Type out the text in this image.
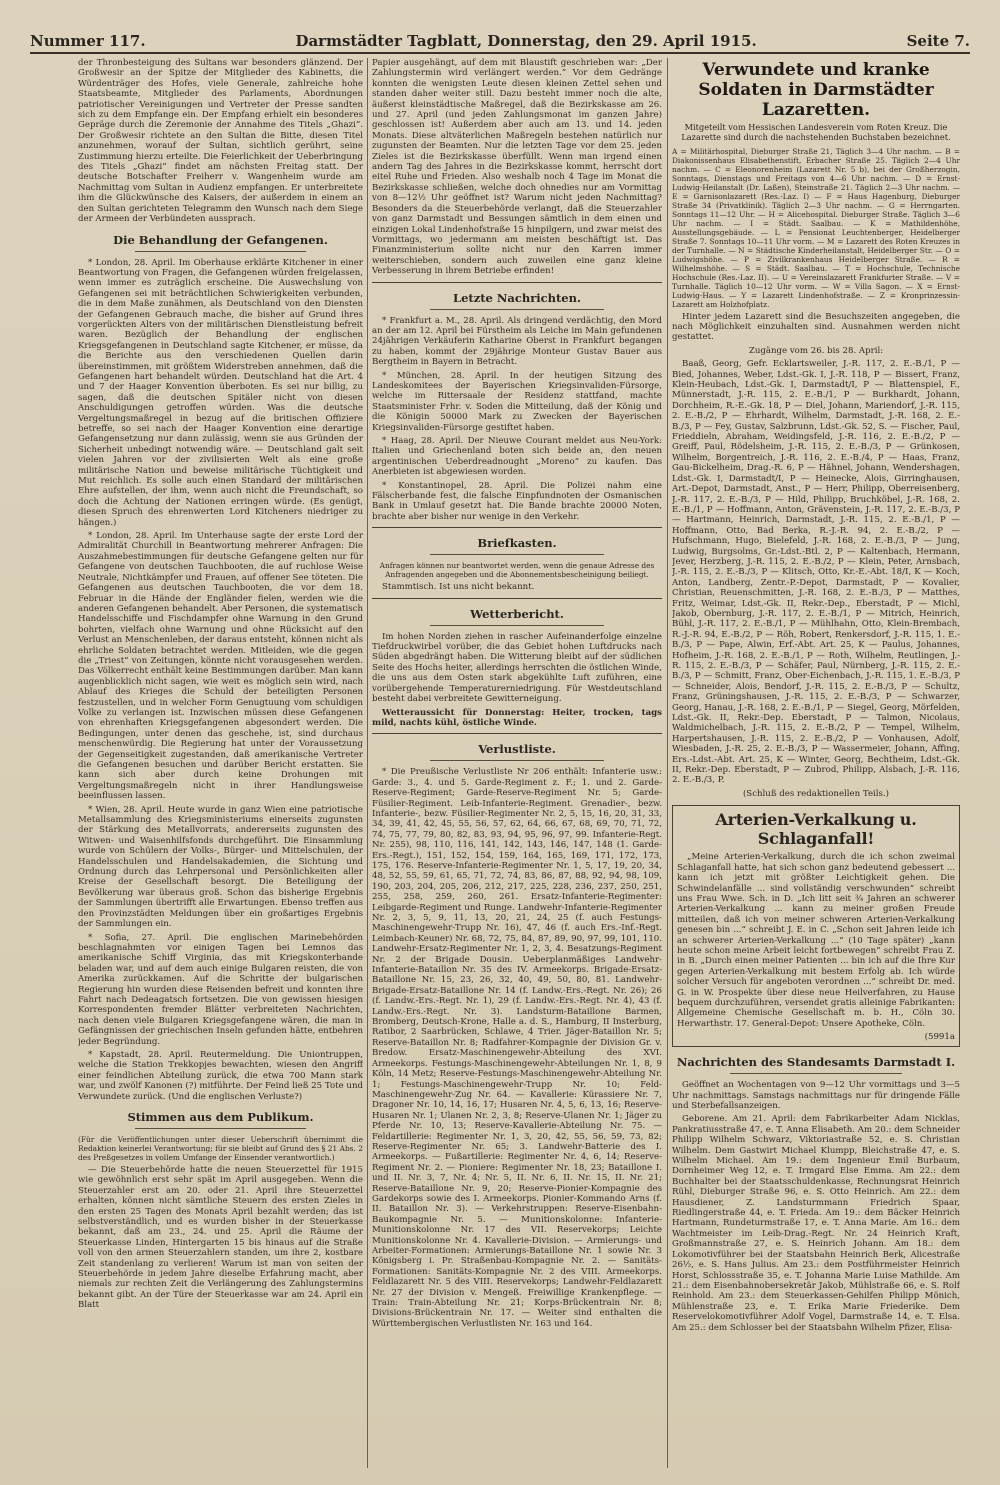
Nummer 117.	Darmstädter Tagblatt, Donnerstag, den 29. April 1915.	Seite 7.

der Thronbesteigung des Sultans war besonders glänzend. Der Großwesir an der Spitze der Mitglieder des Kabinetts, die Würdenträger des Hofes, viele Generale, zahlreiche hohe Staatsbeamte, Mitglieder des Parlaments, Abordnungen patriotischer Vereinigungen und Vertreter der Presse sandten sich zu dem Empfange ein. Der Empfang erhielt ein besonderes Gepräge durch die Zeremonie der Annahme des Titels „Ghazi“. Der Großwesir richtete an den Sultan die Bitte, diesen Titel anzunehmen, worauf der Sultan, sichtlich gerührt, seine Zustimmung hierzu erteilte. Die Feierlichkeit der Ueberbringung des Titels „Ghazi“ findet am nächsten Freitag statt. Der deutsche Botschafter Freiherr v. Wangenheim wurde am Nachmittag vom Sultan in Audienz empfangen. Er unterbreitete ihm die Glückwünsche des Kaisers, der außerdem in einem an den Sultan gerichteten Telegramm den Wunsch nach dem Siege der Armeen der Verbündeten aussprach.

Die Behandlung der Gefangenen.

* London, 28. April. Im Oberhause erklärte Kitchener in einer Beantwortung von Fragen, die Gefangenen würden freigelassen, wenn immer es zuträglich erscheine. Die Auswechslung von Gefangenen sei mit beträchtlichen Schwierigkeiten verbunden, die in dem Maße zunähmen, als Deutschland von den Diensten der Gefangenen Gebrauch mache, die bisher auf Grund ihres vorgerückten Alters von der militärischen Dienstleistung befreit waren. Bezüglich der Behandlung der englischen Kriegsgefangenen in Deutschland sagte Kitchener, er müsse, da die Berichte aus den verschiedenen Quellen darin übereinstimmen, mit größtem Widerstreben annehmen, daß die Gefangenen hart behandelt würden. Deutschland hat die Art. 4 und 7 der Haager Konvention überboten. Es sei nur billig, zu sagen, daß die deutschen Spitäler nicht von diesen Anschuldigungen getroffen würden. Was die deutsche Vergeltungsmaßregel in bezug auf die britischen Offiziere betreffe, so sei nach der Haager Konvention eine derartige Gefangensetzung nur dann zulässig, wenn sie aus Gründen der Sicherheit unbedingt notwendig wäre. — Deutschland galt seit vielen Jahren vor der zivilisierten Welt als eine große militärische Nation und beweise militärische Tüchtigkeit und Mut reichlich. Es solle auch einen Standard der militärischen Ehre aufstellen, der ihm, wenn auch nicht die Freundschaft, so doch die Achtung der Nationen erringen würde. (Es genügt, diesen Spruch des ehrenwerten Lord Kitcheners niedriger zu hängen.)

* London, 28. April. Im Unterhause sagte der erste Lord der Admiralität Churchill in Beantwortung mehrerer Anfragen: Die Auszahmebestimmungen für deutsche Gefangene gelten nur für Gefangene von deutschen Tauchbooten, die auf ruchlose Weise Neutrale, Nichtkämpfer und Frauen, auf offener See töteten. Die Gefangenen aus deutschen Tauchbooten, die vor dem 18. Februar in die Hände der Engländer fielen, werden wie die anderen Gefangenen behandelt. Aber Personen, die systematisch Handelsschiffe und Fischdampfer ohne Warnung in den Grund bohrten, vielfach ohne Warnung und ohne Rücksicht auf den Verlust an Menschenleben, der daraus entsteht, können nicht als ehrliche Soldaten betrachtet werden. Mitleiden, wie die gegen die „Triest“ von Zeitungen, könnte nicht vorausgesehen werden. Das Völkerrecht enthält keine Bestimmungen darüber. Man kann augenblicklich nicht sagen, wie weit es möglich sein wird, nach Ablauf des Krieges die Schuld der beteiligten Personen festzustellen, und in welcher Form Genugtuung vom schuldigen Volke zu verlangen ist. Inzwischen müssen diese Gefangenen von ehrenhaften Kriegsgefangenen abgesondert werden. Die Bedingungen, unter denen das geschehe, ist, sind durchaus menschenwürdig. Die Regierung hat unter der Voraussetzung der Gegenseitigkeit zugestanden, daß amerikanische Vertreter die Gefangenen besuchen und darüber Bericht erstatten. Sie kann sich aber durch keine Drohungen mit Vergeltungsmaßregeln nicht in ihrer Handlungsweise beeinflussen lassen.

* Wien, 28. April. Heute wurde in ganz Wien eine patriotische Metallsammlung des Kriegsministeriums einerseits zugunsten der Stärkung des Metallvorrats, andererseits zugunsten des Witwen- und Waisenhilfsfonds durchgeführt. Die Einsammlung wurde von Schülern der Volks-, Bürger- und Mittelschulen, der Handelsschulen und Handelsakademien, die Sichtung und Ordnung durch das Lehrpersonal und Persönlichkeiten aller Kreise der Gesellschaft besorgt. Die Beteiligung der Bevölkerung war überaus groß. Schon das bisherige Ergebnis der Sammlungen übertrifft alle Erwartungen. Ebenso treffen aus den Provinzstädten Meldungen über ein großartiges Ergebnis der Sammlungen ein.

* Sofia, 27. April. Die englischen Marinebehörden beschlagnahmten vor einigen Tagen bei Lemnos das amerikanische Schiff Virginia, das mit Kriegskonterbande beladen war, und auf dem auch einige Bulgaren reisten, die von Amerika zurückkamen. Auf die Schritte der bulgarischen Regierung hin wurden diese Reisenden befreit und konnten ihre Fahrt nach Dedeagatsch fortsetzen. Die von gewissen hiesigen Korrespondenten fremder Blätter verbreiteten Nachrichten, nach denen viele Bulgaren Kriegsgefangene wären, die man in Gefängnissen der griechischen Inseln gefunden hätte, entbehren jeder Begründung.

* Kapstadt, 28. April. Reutermeldung. Die Uniontruppen, welche die Station Trekkopjes bewachten, wiesen den Angriff einer feindlichen Abteilung zurück, die etwa 700 Mann stark war, und zwölf Kanonen (?) mitführte. Der Feind ließ 25 Tote und Verwundete zurück. (Und die englischen Verluste?)

Stimmen aus dem Publikum.

(Für die Veröffentlichungen unter dieser Ueberschrift übernimmt die Redaktion keinerlei Verantwortung; für sie bleibt auf Grund des § 21 Abs. 2 des Preßgesetzes in vollem Umfange der Einsender verantwortlich.)

— Die Steuerbehörde hatte die neuen Steuerzettel für 1915 wie gewöhnlich erst sehr spät im April ausgegeben. Wenn die Steuerzahler erst am 20. oder 21. April ihre Steuerzettel erhalten, können nicht sämtliche Steuern des ersten Zieles in den ersten 25 Tagen des Monats April bezahlt werden; das ist selbstverständlich, und es wurden bisher in der Steuerkasse bekannt, daß am 23., 24. und 25. April die Räume der Steuerkasse Linden, Hintergarten 15 bis hinaus auf die Straße voll von den armen Steuerzahlern standen, um ihre 2, kostbare Zeit standenlang zu verlieren! Warum ist man von seiten der Steuerbehörde in jedem Jahre dieselbe Erfahrung macht, aber niemals zur rechten Zeit die Verlängerung des Zahlungstermins bekannt gibt. An der Türe der Steuerkasse war am 24. April ein Blatt

Papier ausgehängt, auf dem mit Blaustift geschrieben war: „Der Zahlungstermin wird verlängert werden.“ Vor dem Gedränge konnten die wenigsten Leute diesen kleinen Zettel sehen und standen daher weiter still. Dazu besteht immer noch die alte, äußerst kleinstädtische Maßregel, daß die Bezirkskasse am 26. und 27. April (und jeden Zahlungsmonat im ganzen Jahre) geschlossen ist! Außerdem aber auch am 13. und 14. jeden Monats. Diese altväterlichen Maßregeln bestehen natürlich nur zugunsten der Beamten. Nur die letzten Tage vor dem 25. jeden Zieles ist die Bezirkskasse überfüllt. Wenn man irgend einen andern Tag des Jahres in die Bezirkskasse kommt, herrscht dort eitel Ruhe und Frieden. Also weshalb noch 4 Tage im Monat die Bezirkskasse schließen, welche doch ohnedies nur am Vormittag von 8—12½ Uhr geöffnet ist? Warum nicht jeden Nachmittag? Besonders da die Steuerbehörde verlangt, daß die Steuerzahler von ganz Darmstadt und Bessungen sämtlich in dem einen und einzigen Lokal Lindenhofstraße 15 hinpilgern, und zwar meist des Vormittags, wo jedermann am meisten beschäftigt ist. Das Finanzministerium sollte nicht nur den Karren immer weiterschieben, sondern auch zuweilen eine ganz kleine Verbesserung in ihrem Betriebe erfinden!

Letzte Nachrichten.

* Frankfurt a. M., 28. April. Als dringend verdächtig, den Mord an der am 12. April bei Fürstheim als Leiche im Main gefundenen 24jährigen Verkäuferin Katharine Oberst in Frankfurt begangen zu haben, kommt der 29jährige Monteur Gustav Bauer aus Bergtheim in Bayern in Betracht.

* München, 28. April. In der heutigen Sitzung des Landeskomitees der Bayerischen Kriegsinvaliden-Fürsorge, welche im Rittersaale der Residenz stattfand, machte Staatsminister Frhr. v. Soden die Mitteilung, daß der König und die Königin 50000 Mark zu Zwecken der Bayerischen Kriegsinvaliden-Fürsorge gestiftet haben.

* Haag, 28. April. Der Nieuwe Courant meldet aus Neu-York: Italien und Griechenland boten sich beide an, den neuen argentinischen Ueberdreadnought „Moreno“ zu kaufen. Das Anerbieten ist abgewiesen worden.

* Konstantinopel, 28. April. Die Polizei nahm eine Fälscherbande fest, die falsche Einpfundnoten der Osmanischen Bank in Umlauf gesetzt hat. Die Bande brachte 20000 Noten, brachte aber bisher nur wenige in den Verkehr.

Briefkasten.

Anfragen können nur beantwortet werden, wenn die genaue Adresse des Anfragenden angegeben und die Abonnementsbescheinigung beiliegt.

Stammtisch. Ist uns nicht bekannt.

Wetterbericht.

Im hohen Norden ziehen in rascher Aufeinanderfolge einzelne Tiefdruckwirbel vorüber, die das Gebiet hohen Luftdrucks nach Süden abgedrängt haben. Die Witterung bleibt auf der südlichen Seite des Hochs heiter, allerdings herrschten die östlichen Winde, die uns aus dem Osten stark abgekühlte Luft zuführen, eine vorübergehende Temperaturerniedrigung. Für Westdeutschland besteht dabei verbreitete Gewitterneigung.

Wetteraussicht für Donnerstag: Heiter, trocken, tags mild, nachts kühl, östliche Winde.

Verlustliste.

* Die Preußische Verlustliste Nr 206 enthält: Infanterie usw.: Garde: 3., 4. und 5. Garde-Regiment z. F.; 1. und 2. Garde-Reserve-Regiment; Garde-Reserve-Regiment Nr. 5; Garde-Füsilier-Regiment. Leib-Infanterie-Regiment. Grenadier-, bezw. Infanterie-, bezw. Füsilier-Regimenter Nr. 2, 5, 15, 16, 20, 31, 33, 34, 39, 41, 42, 45, 55, 56, 57, 62, 64, 66, 67, 68, 69, 70, 71, 72, 74, 75, 77, 79, 80, 82, 83, 93, 94, 95, 96, 97, 99. Infanterie-Regt. Nr. 255), 98, 110, 116, 141, 142, 143, 146, 147, 148 (1. Garde-Ers.-Regt.), 151, 152, 154, 159, 164, 165, 169, 171, 172, 173, 175, 176. Reserve-Infanterie-Regimenter Nr. 1, 5, 17, 19, 20, 34, 48, 52, 55, 59, 61, 65, 71, 72, 74, 83, 86, 87, 88, 92, 94, 98, 109, 190, 203, 204, 205, 206, 212, 217, 225, 228, 236, 237, 250, 251, 255, 258, 259, 260, 261. Ersatz-Infanterie-Regimenter: Leibgarde-Regiment und Runge. Landwehr-Infanterie-Regimenter Nr. 2, 3, 5, 9, 11, 13, 20, 21, 24, 25 (f. auch Festungs-Maschinengewehr-Trupp Nr. 16), 47, 46 (f. auch Ers.-Inf.-Regt. Leimbach-Keuner) Nr. 68, 72, 75, 84, 87, 89, 90, 97, 99, 101, 110. Landwehr-Ersatz-Regimenter Nr. 1, 2, 3, 4. Besatzungs-Regiment Nr. 2 der Brigade Dousin. Ueberplanmäßiges Landwehr-Infanterie-Bataillon Nr. 35 des IV. Armeekorps. Brigade-Ersatz-Bataillone Nr. 15, 23, 26, 32, 40, 49, 50, 80, 81. Landwehr-Brigade-Ersatz-Bataillone Nr. 14 (f. Landw.-Ers.-Regt. Nr. 26); 26 (f. Landw.-Ers.-Regt. Nr. 1), 29 (f. Landw.-Ers.-Regt. Nr. 4), 43 (f. Landw.-Ers.-Regt. Nr. 3). Landsturm-Bataillone Barmen, Bromberg, Deutsch-Krone, Halle a. d. S., Hamburg, II Insterburg, Ratibor, 2 Saarbrücken, Schlawe, 4 Trier. Jäger-Bataillon Nr. 5; Reserve-Bataillon Nr. 8; Radfahrer-Kompagnie der Division Gr. v. Bredow. Ersatz-Maschinengewehr-Abteilung des XVI. Armeekorps. Festungs-Maschinengewehr-Abteilungen Nr. 1, 8, 9 Köln, 14 Metz; Reserve-Festungs-Maschinengewehr-Abteilung Nr. 1; Festungs-Maschinengewehr-Trupp Nr. 10; Feld-Maschinengewehr-Zug Nr. 64. — Kavallerie: Kürassiere Nr. 7, Dragoner Nr. 10, 14, 16, 17; Husaren Nr. 4, 5, 6, 13, 16; Reserve-Husaren Nr. 1; Ulanen Nr. 2, 3, 8; Reserve-Ulanen Nr. 1; Jäger zu Pferde Nr. 10, 13; Reserve-Kavallerie-Abteilung Nr. 75. — Feldartillerie: Regimenter Nr. 1, 3, 20, 42, 55, 56, 59, 73, 82; Reserve-Regimenter Nr. 65; 3. Landwehr-Batterie des I. Armeekorps. — Fußartillerie: Regimenter Nr. 4, 6, 14; Reserve-Regiment Nr. 2. — Pioniere: Regimenter Nr. 18, 23; Bataillone I. und II. Nr. 3, 7, Nr. 4; Nr. 5, II. Nr. 6, II. Nr. 15, II. Nr. 21; Reserve-Bataillone Nr. 9, 20; Reserve-Pionier-Kompagnie des Gardekorps sowie des I. Armeekorps. Pionier-Kommando Arns (f. II. Bataillon Nr. 3). — Verkehrstruppen: Reserve-Eisenbahn-Baukompagnie Nr. 5. — Munitionskolonne: Infanterie-Munitionskolonne Nr. 17 des VII. Reservekorps; Leichte Munitionskolonne Nr. 4. Kavallerie-Division. — Armierungs- und Arbeiter-Formationen: Armierungs-Bataillone Nr. 1 sowie Nr. 3 Königsberg i. Pr. Straßenbau-Kompagnie Nr. 2. — Sanitäts-Formationen: Sanitäts-Kompagnie Nr. 2 des VIII. Armeekorps. Feldlazarett Nr. 5 des VIII. Reservekorps; Landwehr-Feldlazarett Nr. 27 der Division v. Mengeß. Freiwillige Krankenpflege. — Train: Train-Abteilung Nr. 21; Korps-Brückentrain Nr. 8; Divisions-Brückentrain Nr. 17. — Weiter sind enthalten die Württembergischen Verlustlisten Nr. 163 und 164.

Verwundete und kranke Soldaten in Darmstädter Lazaretten.

Mitgeteilt vom Hessischen Landesverein vom Roten Kreuz. Die Lazarette sind durch die nachstehenden Buchstaben bezeichnet.

A = Militärhospital, Dieburger Straße 21, Täglich 3—4 Uhr nachm. — B = Diakonissenhaus Elisabethenstift, Erbacher Straße 25. Täglich 2—4 Uhr nachm. — C = Eleonorenheim (Lazarett Nr. 5 b), bei der Großherzogin, Sonntags, Dienstags und Freitags von 4—6 Uhr nachm. — D = Ernst-Ludwig-Heilanstalt (Dr. Laßen), Steinstraße 21. Täglich 2—3 Uhr nachm. — E = Garnisonlazarett (Res.-Laz. I) — F = Haus Hagenburg, Dieburger Straße 34 (Privatklinik). Täglich 2—3 Uhr nachm. — G = Herrngarten. Sonntags 11—12 Uhr. — H = Alicehospital. Dieburger Straße. Täglich 3—6 Uhr nachm. — I = Städt. Saalbau. — K = Mathildenhöhe, Ausstellungsgebäude. — L = Pensionat Leuchtenberger, Heidelberger Straße 7. Sonntags 10—11 Uhr vorm. — M = Lazarett des Roten Kreuzes in der Turnhalle. — N = Städtische Kinderheilanstalt, Heidelberger Str. — O = Ludwigshöhe. — P = Zivilkrankenhaus Heidelberger Straße. — R = Wilhelmshöhe. — S = Städt. Saalbau. — T = Hochschule, Technische Hochschule (Res.-Laz. II). — U = Vereinslazarett Frankfurter Straße. — V = Turnhalle. Täglich 10—12 Uhr vorm. — W = Villa Sagon. — X = Ernst-Ludwig-Haus. — Y = Lazarett Lindenhofstraße. — Z = Kronprinzessin-Lazarett am Holzhofplatz.

Hinter jedem Lazarett sind die Besuchszeiten angegeben, die nach Möglichkeit einzuhalten sind. Ausnahmen werden nicht gestattet.

Zugänge vom 26. bis 28. April:

Baaß, Georg, Gefr. Ecklartsweiler, J.-R. 117, 2. E.-B./1, P — Bied, Johannes, Weber, Ldst.-Gk. I, J.-R. 118, P — Bissert, Franz, Klein-Heubach, Ldst.-Gk. I, Darmstadt/I, P — Blattenspiel, F., Münnerstadt, J.-R. 115, 2. E.-B./1, P — Burkhardt, Johann, Dorchheim, R.-E.-Gk. 18, P — Diel, Johann, Mariendorf, J.-R. 115, 2. E.-B./2, P — Ehrhardt, Wilhelm, Darmstadt, J.-R. 168, 2. E.-B./3, P — Fey, Gustav, Salzbrunn, Ldst.-Gk. 52, S. — Fischer, Paul, Frieddieln, Abraham, Weidingsfeld, J.-R. 116, 2. E.-B./2, P — Greiff, Paul, Rödelsheim, J.-R. 115, 2. E.-B./3, P — Grünkosen, Wilhelm, Borgentreich, J.-R. 116, 2. E.-B./4, P — Haas, Franz, Gau-Bickelheim, Drag.-R. 6, P — Hähnel, Johann, Wendershagen, Ldst.-Gk. I, Darmstadt/I, P — Heinecke, Alois, Girringhausen, Art.-Depot, Darmstadt, Anst., P — Herr, Philipp, Oberreisenberg, J.-R. 117, 2. E.-B./3, P — Hild, Philipp, Bruchköbel, J.-R. 168, 2. E.-B./1, P — Hoffmann, Anton, Grävenstein, J.-R. 117, 2. E.-B./3, P — Hartmann, Heinrich, Darmstadt, J.-R. 115, 2. E.-B./1, P — Hoffmann, Otto, Bad Berka, R.-J.-R. 94, 2. E.-B./2, P — Hufschmann, Hugo, Bielefeld, J.-R. 168, 2. E.-B./3, P — Jung, Ludwig, Burgsolms, Gr.-Ldst.-Btl. 2, P — Kaltenbach, Hermann, Jever, Herzberg, J.-R. 115, 2. E.-B./2, P — Klein, Peter, Arnsbach, J.-R. 115, 2. E.-B./3, P — Klitsch, Otto, Kr.-E.-Abt. 18/I, K — Koch, Anton, Landberg, Zentr.-P.-Depot, Darmstadt, P — Kovalier, Christian, Reuenschmitten, J.-R. 168, 2. E.-B./3, P — Matthes, Fritz, Weimar, Ldst.-Gk. II, Rekr.-Dep., Eberstadt, P — Michl, Jakob, Obernburg, J.-R. 117, 2. E.-B./1, P — Mitrich, Heinrich, Bühl, J.-R. 117, 2. E.-B./1, P — Mühlhahn, Otto, Klein-Brembach, R.-J.-R. 94, E.-B./2, P — Röh, Robert, Renkersdorf, J.-R. 115, 1. E.-B./3, P — Pape, Alwin, Erf.-Abt. Art. 25, K — Paulus, Johannes, Hofheim, J.-R. 168, 2. E.-B./1, P — Roth, Wilhelm, Reutlingen, J.-R. 115, 2. E.-B./3, P — Schäfer, Paul, Nürnberg, J.-R. 115, 2. E.-B./3, P — Schmitt, Franz, Ober-Eichenbach, J.-R. 115, 1. E.-B./3, P — Schneider, Alois, Bendorf, J.-R. 115, 2. E.-B./3, P — Schultz, Franz, Grüningshausen, J.-R. 115, 2. E.-B./3, P — Schwarzer, Georg, Hanau, J.-R. 168, 2. E.-B./1, P — Siegel, Georg, Mörfelden, Ldst.-Gk. II, Rekr.-Dep. Eberstadt, P — Talmon, Nicolaus, Waldmichelbach, J.-R. 115, 2. E.-B./2, P — Tempel, Wilhelm, Harpertshausen, J.-R. 115, 2. E.-B./2, P — Vonhausen, Adolf, Wiesbaden, J.-R. 25, 2. E.-B./3, P — Wassermeier, Johann, Affing, Ers.-Ldst.-Abt. Art. 25, K — Winter, Georg, Bechtheim, Ldst.-Gk. II, Rekr.-Dep. Eberstadt, P — Zubrod, Philipp, Alsbach, J.-R. 116, 2. E.-B./3, P.

(Schluß des redaktionellen Teils.)

Arterien-Verkalkung u. Schlaganfall!

„Meine Arterien-Verkalkung, durch die ich schon zweimal Schlaganfall hatte, hat sich schon ganz bedeutend gebessert ... kann ich jetzt mit größter Leichtigkeit gehen. Die Schwindelanfälle ... sind vollständig verschwunden“ schreibt uns Frau Wwe. Sch. in D. „Ich litt seit ¾ Jahren an schwerer Arterien-Verkalkung ... kann zu meiner großen Freude mitteilen, daß ich von meiner schweren Arterien-Verkalkung genesen bin ...“ schreibt J. E. in C. „Schon seit Jahren leide ich an schwerer Arterien-Verkalkung ...“ (10 Tage später) „kann heute schon meine Arbeit leicht fortbewegen“ schreibt Frau Z. in B. „Durch einen meiner Patienten ... bin ich auf die Ihre Kur gegen Arterien-Verkalkung mit bestem Erfolg ab. Ich würde solcher Versuch für angeboten verordnen ...“ schreibt Dr. med. G. in W. Prospekte über diese neue Heilverfahren, zu Hause bequem durchzuführen, versendet gratis alleinige Fabrikanten: Allgemeine Chemische Gesellschaft m. b. H., Cöln 30. Herwarthstr. 17. General-Depot: Unsere Apotheke, Cöln.

(5991a

Nachrichten des Standesamts Darmstadt I.

Geöffnet an Wochentagen von 9—12 Uhr vormittags und 3—5 Uhr nachmittags. Samstags nachmittags nur für dringende Fälle und Sterbefallsanzeigen.

Geborene. Am 21. April: dem Fabrikarbeiter Adam Nicklas, Pankratiusstraße 47, e. T. Anna Elisabeth. Am 20.: dem Schneider Philipp Wilhelm Schwarz, Viktoriastraße 52, e. S. Christian Wilhelm. Dem Gastwirt Michael Klumpp, Bleichstraße 47, e. S. Wilhelm Michael. Am 19.: dem Ingenieur Emil Burbaum, Dornheimer Weg 12, e. T. Irmgard Else Emma. Am 22.: dem Buchhalter bei der Staatsschuldenkasse, Rechnungsrat Heinrich Rühl, Dieburger Straße 96, e. S. Otto Heinrich. Am 22.: dem Hausdiener, Z. Landsturmmann Friedrich Spaar, Riedlingerstraße 44, e. T. Frieda. Am 19.: dem Bäcker Heinrich Hartmann, Rundeturmstraße 17, e. T. Anna Marie. Am 16.: dem Wachtmeister im Leib-Drag.-Regt. Nr. 24 Heinrich Kraft, Großmannstraße 27, e. S. Heinrich Johann. Am 18.: dem Lokomotivführer bei der Staatsbahn Heinrich Berk, Alicestraße 26½, e. S. Hans Julius. Am 23.: dem Postführmeister Heinrich Horst, Schlossstraße 35, e. T. Johanna Marie Luise Mathilde. Am 21.: dem Eisenbahnobersekretär Jakob, Mühlstraße 66, e. S. Rolf Reinhold. Am 23.: dem Steuerkassen-Gehilfen Philipp Mönich, Mühlenstraße 23, e. T. Erika Marie Friederike. Dem Reservelokomotivführer Adolf Vogel, Darmstraße 14, e. T. Elsa. Am 25.: dem Schlosser bei der Staatsbahn Wilhelm Pfizer, Elisa-
